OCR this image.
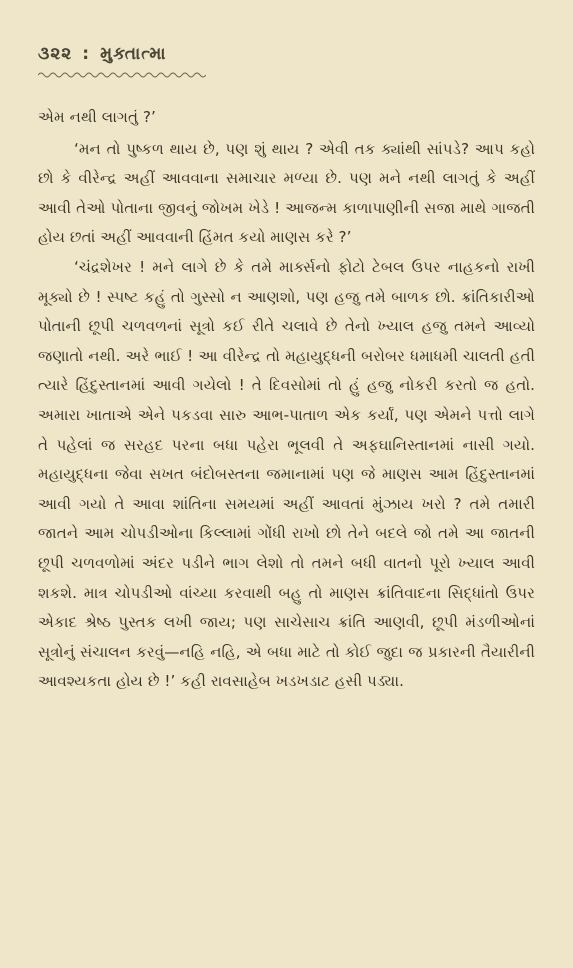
૩૨૨ : મુક્તાત્મા

એમ નથી લાગતું ?’

‘મન તો પુષ્કળ થાય છે, પણ શું થાય ? એવી તક ક્યાંથી સાંપડે? આપ કહો છો કે વીરેન્દ્ર અહીં આવવાના સમાચાર મળ્યા છે. પણ મને નથી લાગતું કે અહીં આવી તેઓ પોતાના જીવનું જોખમ ખેડે ! આજન્મ કાળાપાણીની સજા માથે ગાજતી હોય છતાં અહીં આવવાની હિંમત કયો માણસ કરે ?’

‘ચંદ્રશેખર ! મને લાગે છે કે તમે માર્ક્સનો ફોટો ટેબલ ઉપર નાહકનો રાખી મૂક્યો છે ! સ્પષ્ટ કહું તો ગુસ્સો ન આણશો, પણ હજુ તમે બાળક છો. ક્રાંતિકારીઓ પોતાની છૂપી ચળવળનાં સૂત્રો કઈ રીતે ચલાવે છે તેનો ખ્યાલ હજુ તમને આવ્યો જણાતો નથી. અરે ભાઈ ! આ વીરેન્દ્ર તો મહાયુદ્ધની બરોબર ધમાધમી ચાલતી હતી ત્યારે હિંદુસ્તાનમાં આવી ગયેલો ! તે દિવસોમાં તો હું હજુ નોકરી કરતો જ હતો. અમારા ખાતાએ એને પકડવા સારુ આભ-પાતાળ એક કર્યાં, પણ એમને પત્તો લાગે તે પહેલાં જ સરહદ પરના બધા પહેરા ભૂલવી તે અફઘાનિસ્તાનમાં નાસી ગયો. મહાયુદ્ધના જેવા સખત બંદોબસ્તના જમાનામાં પણ જે માણસ આમ હિંદુસ્તાનમાં આવી ગયો તે આવા શાંતિના સમયમાં અહીં આવતાં મુંઝાય ખરો ? તમે તમારી જાતને આમ ચોપડીઓના કિલ્લામાં ગોંધી રાખો છો તેને બદલે જો તમે આ જાતની છૂપી ચળવળોમાં અંદર પડીને ભાગ લેશો તો તમને બધી વાતનો પૂરો ખ્યાલ આવી શકશે. માત્ર ચોપડીઓ વાંચ્યા કરવાથી બહુ તો માણસ ક્રાંતિવાદના સિદ્ધાંતો ઉપર એકાદ શ્રેષ્ઠ પુસ્તક લખી જાય; પણ સાચેસાચ ક્રાંતિ આણવી, છૂપી મંડળીઓનાં સૂત્રોનું સંચાલન કરવું—નહિ નહિ, એ બધા માટે તો કોઈ જુદા જ પ્રકારની તૈયારીની આવશ્યકતા હોય છે !’ કહી રાવસાહેબ ખડખડાટ હસી પડ્યા.
